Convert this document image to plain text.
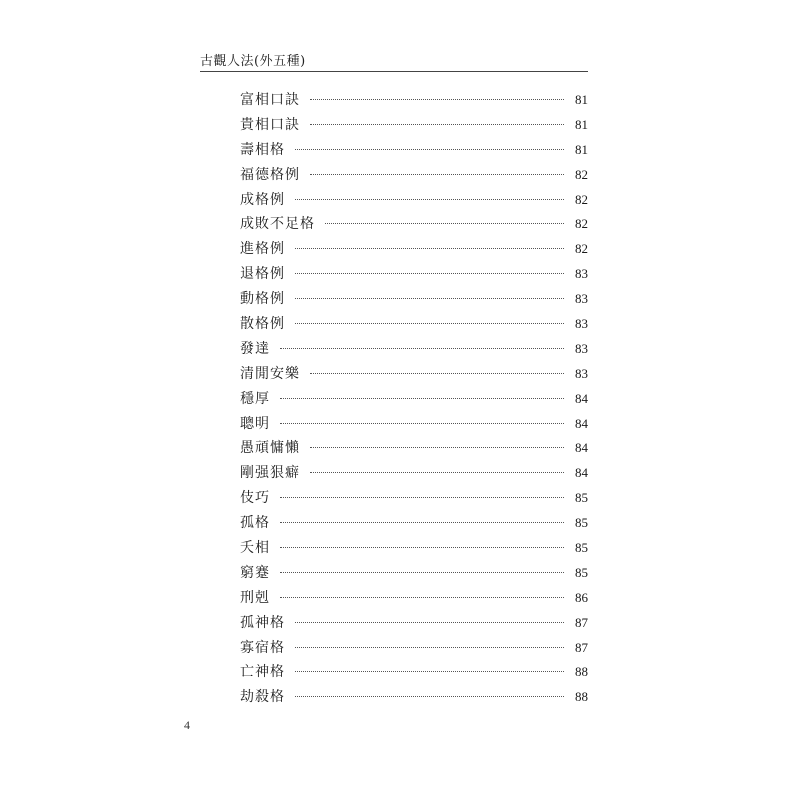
古觀人法(外五種)
富相口訣	81
貴相口訣	81
壽相格	81
福德格例	82
成格例	82
成敗不足格	82
進格例	82
退格例	83
動格例	83
散格例	83
發達	83
清閒安樂	83
穩厚	84
聰明	84
愚頑慵懶	84
剛强狠癖	84
伎巧	85
孤格	85
夭相	85
窮蹇	85
刑剋	86
孤神格	87
寡宿格	87
亡神格	88
劫殺格	88
4
